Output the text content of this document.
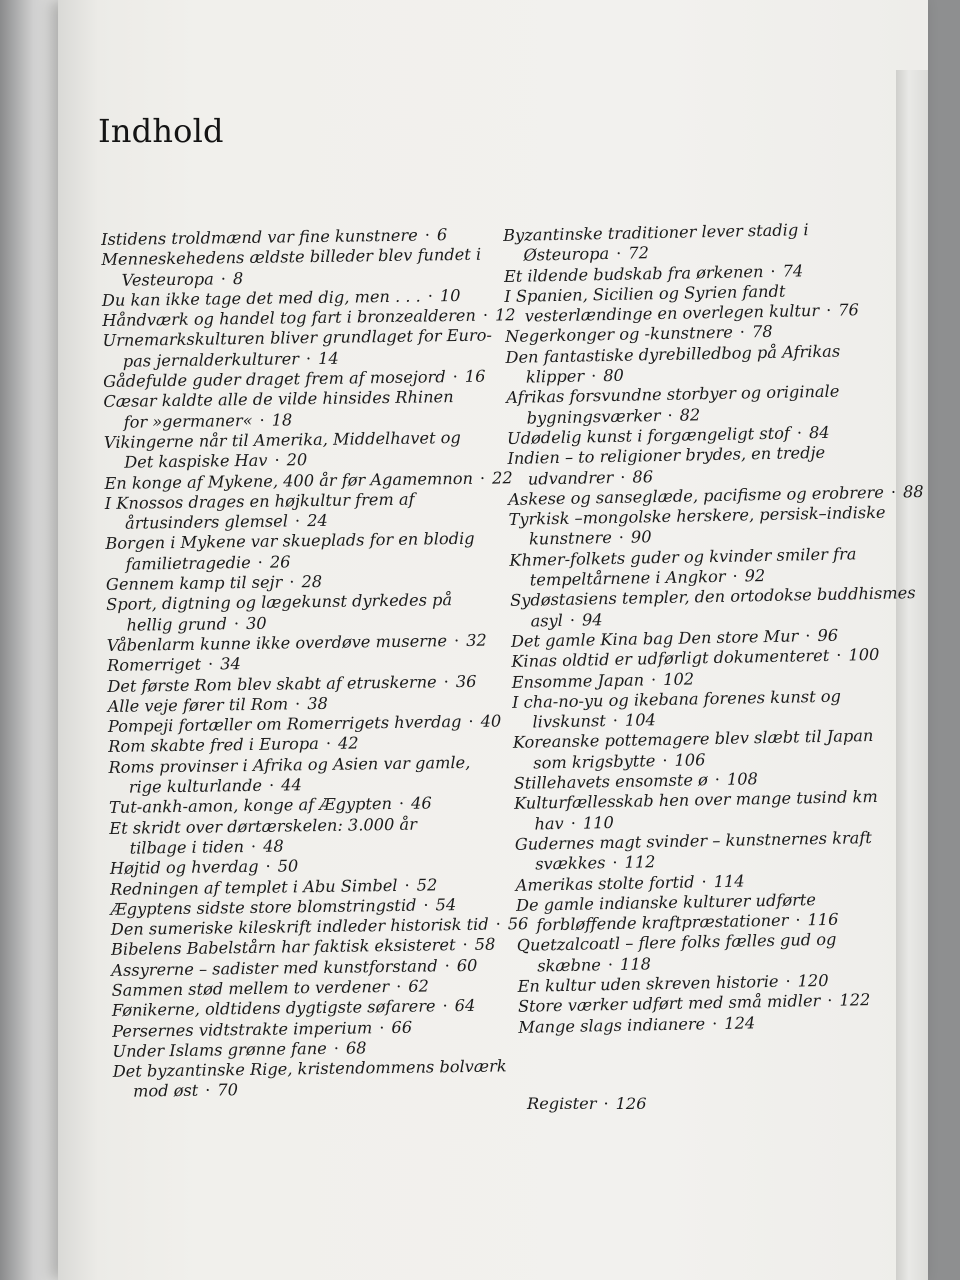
Indhold
Istidens troldmænd var fine kunstnere · 6
Menneskehedens ældste billeder blev fundet i
Vesteuropa · 8
Du kan ikke tage det med dig, men . . . · 10
Håndværk og handel tog fart i bronzealderen · 12
Urnemarkskulturen bliver grundlaget for Euro-
pas jernalderkulturer · 14
Gådefulde guder draget frem af mosejord · 16
Cæsar kaldte alle de vilde hinsides Rhinen
for »germaner« · 18
Vikingerne når til Amerika, Middelhavet og
Det kaspiske Hav · 20
En konge af Mykene, 400 år før Agamemnon · 22
I Knossos drages en højkultur frem af
årtusinders glemsel · 24
Borgen i Mykene var skueplads for en blodig
familietragedie · 26
Gennem kamp til sejr · 28
Sport, digtning og lægekunst dyrkedes på
hellig grund · 30
Våbenlarm kunne ikke overdøve muserne · 32
Romerriget · 34
Det første Rom blev skabt af etruskerne · 36
Alle veje fører til Rom · 38
Pompeji fortæller om Romerrigets hverdag · 40
Rom skabte fred i Europa · 42
Roms provinser i Afrika og Asien var gamle,
rige kulturlande · 44
Tut-ankh-amon, konge af Ægypten · 46
Et skridt over dørtærskelen: 3.000 år
tilbage i tiden · 48
Højtid og hverdag · 50
Redningen af templet i Abu Simbel · 52
Ægyptens sidste store blomstringstid · 54
Den sumeriske kileskrift indleder historisk tid · 56
Bibelens Babelstårn har faktisk eksisteret · 58
Assyrerne – sadister med kunstforstand · 60
Sammen stød mellem to verdener · 62
Fønikerne, oldtidens dygtigste søfarere · 64
Persernes vidtstrakte imperium · 66
Under Islams grønne fane · 68
Det byzantinske Rige, kristendommens bolværk
mod øst · 70
Byzantinske traditioner lever stadig i
Østeuropa · 72
Et ildende budskab fra ørkenen · 74
I Spanien, Sicilien og Syrien fandt
vesterlændinge en overlegen kultur · 76
Negerkonger og -kunstnere · 78
Den fantastiske dyrebilledbog på Afrikas
klipper · 80
Afrikas forsvundne storbyer og originale
bygningsværker · 82
Udødelig kunst i forgængeligt stof · 84
Indien – to religioner brydes, en tredje
udvandrer · 86
Askese og sanseglæde, pacifisme og erobrere · 88
Tyrkisk –mongolske herskere, persisk–indiske
kunstnere · 90
Khmer-folkets guder og kvinder smiler fra
tempeltårnene i Angkor · 92
Sydøstasiens templer, den ortodokse buddhismes
asyl · 94
Det gamle Kina bag Den store Mur · 96
Kinas oldtid er udførligt dokumenteret · 100
Ensomme Japan · 102
I cha-no-yu og ikebana forenes kunst og
livskunst · 104
Koreanske pottemagere blev slæbt til Japan
som krigsbytte · 106
Stillehavets ensomste ø · 108
Kulturfællesskab hen over mange tusind km
hav · 110
Gudernes magt svinder – kunstnernes kraft
svækkes · 112
Amerikas stolte fortid · 114
De gamle indianske kulturer udførte
forbløffende kraftpræstationer · 116
Quetzalcoatl – flere folks fælles gud og
skæbne · 118
En kultur uden skreven historie · 120
Store værker udført med små midler · 122
Mange slags indianere · 124
Register · 126
